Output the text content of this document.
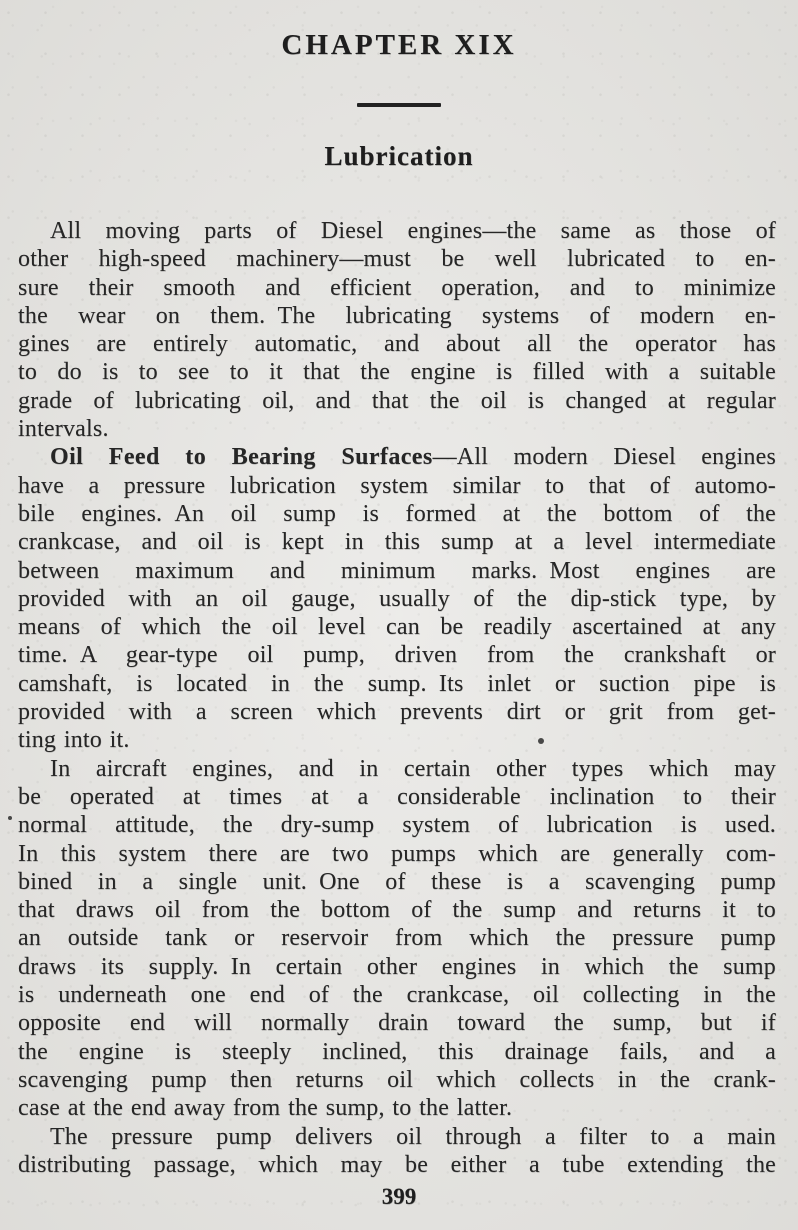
CHAPTER XIX
Lubrication
All moving parts of Diesel engines—the same as those of
other high-speed machinery—must be well lubricated to en-
sure their smooth and efficient operation, and to minimize
the wear on them. The lubricating systems of modern en-
gines are entirely automatic, and about all the operator has
to do is to see to it that the engine is filled with a suitable
grade of lubricating oil, and that the oil is changed at regular
intervals.
Oil Feed to Bearing Surfaces—All modern Diesel engines
have a pressure lubrication system similar to that of automo-
bile engines. An oil sump is formed at the bottom of the
crankcase, and oil is kept in this sump at a level intermediate
between maximum and minimum marks. Most engines are
provided with an oil gauge, usually of the dip-stick type, by
means of which the oil level can be readily ascertained at any
time. A gear-type oil pump, driven from the crankshaft or
camshaft, is located in the sump. Its inlet or suction pipe is
provided with a screen which prevents dirt or grit from get-
ting into it.
In aircraft engines, and in certain other types which may
be operated at times at a considerable inclination to their
normal attitude, the dry-sump system of lubrication is used.
In this system there are two pumps which are generally com-
bined in a single unit. One of these is a scavenging pump
that draws oil from the bottom of the sump and returns it to
an outside tank or reservoir from which the pressure pump
draws its supply. In certain other engines in which the sump
is underneath one end of the crankcase, oil collecting in the
opposite end will normally drain toward the sump, but if
the engine is steeply inclined, this drainage fails, and a
scavenging pump then returns oil which collects in the crank-
case at the end away from the sump, to the latter.
The pressure pump delivers oil through a filter to a main
distributing passage, which may be either a tube extending the
399
